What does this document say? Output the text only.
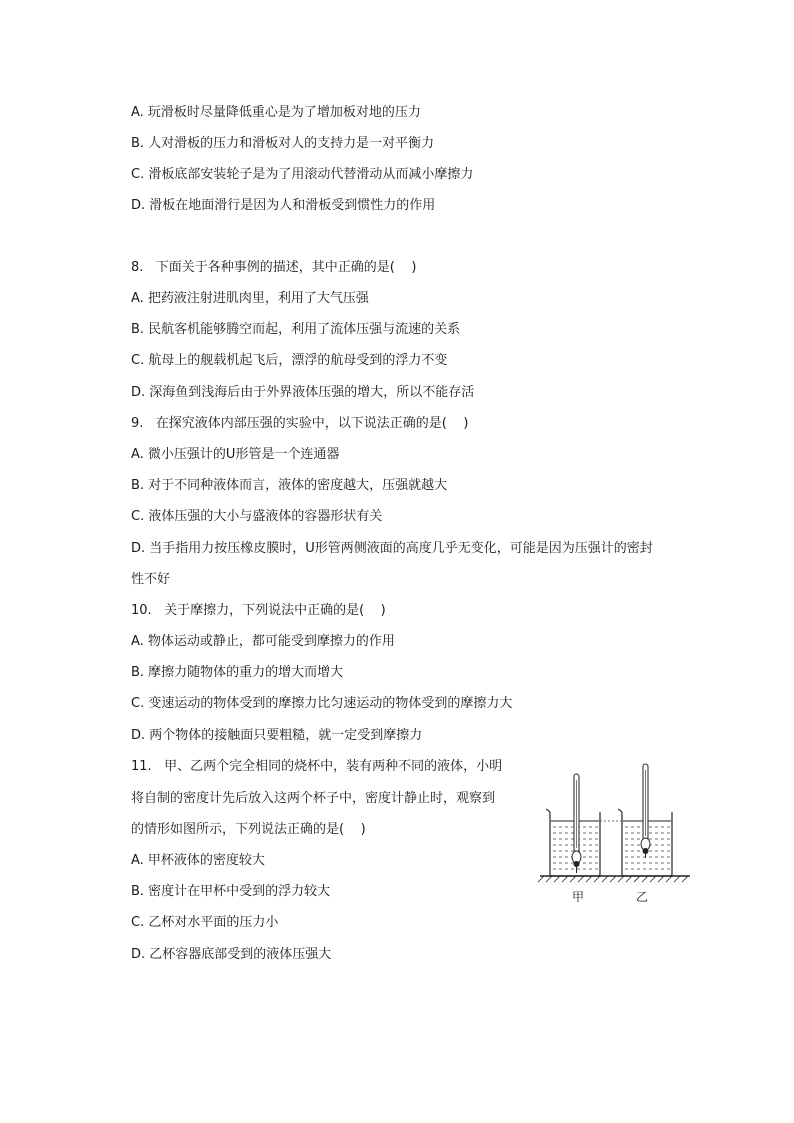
A. 玩滑板时尽量降低重心是为了增加板对地的压力
B. 人对滑板的压力和滑板对人的支持力是一对平衡力
C. 滑板底部安装轮子是为了用滚动代替滑动从而减小摩擦力
D. 滑板在地面滑行是因为人和滑板受到惯性力的作用
8.   下面关于各种事例的描述，其中正确的是(    )
A. 把药液注射进肌肉里，利用了大气压强
B. 民航客机能够腾空而起，利用了流体压强与流速的关系
C. 航母上的舰载机起飞后，漂浮的航母受到的浮力不变
D. 深海鱼到浅海后由于外界液体压强的增大，所以不能存活
9.   在探究液体内部压强的实验中，以下说法正确的是(    )
A. 微小压强计的U形管是一个连通器
B. 对于不同种液体而言，液体的密度越大，压强就越大
C. 液体压强的大小与盛液体的容器形状有关
D. 当手指用力按压橡皮膜时，U形管两侧液面的高度几乎无变化，可能是因为压强计的密封
性不好
10.   关于摩擦力，下列说法中正确的是(    )
A. 物体运动或静止，都可能受到摩擦力的作用
B. 摩擦力随物体的重力的增大而增大
C. 变速运动的物体受到的摩擦力比匀速运动的物体受到的摩擦力大
D. 两个物体的接触面只要粗糙，就一定受到摩擦力
11.   甲、乙两个完全相同的烧杯中，装有两种不同的液体，小明
将自制的密度计先后放入这两个杯子中，密度计静止时，观察到
的情形如图所示，下列说法正确的是(    )
A. 甲杯液体的密度较大
B. 密度计在甲杯中受到的浮力较大
C. 乙杯对水平面的压力小
D. 乙杯容器底部受到的液体压强大
甲	乙
